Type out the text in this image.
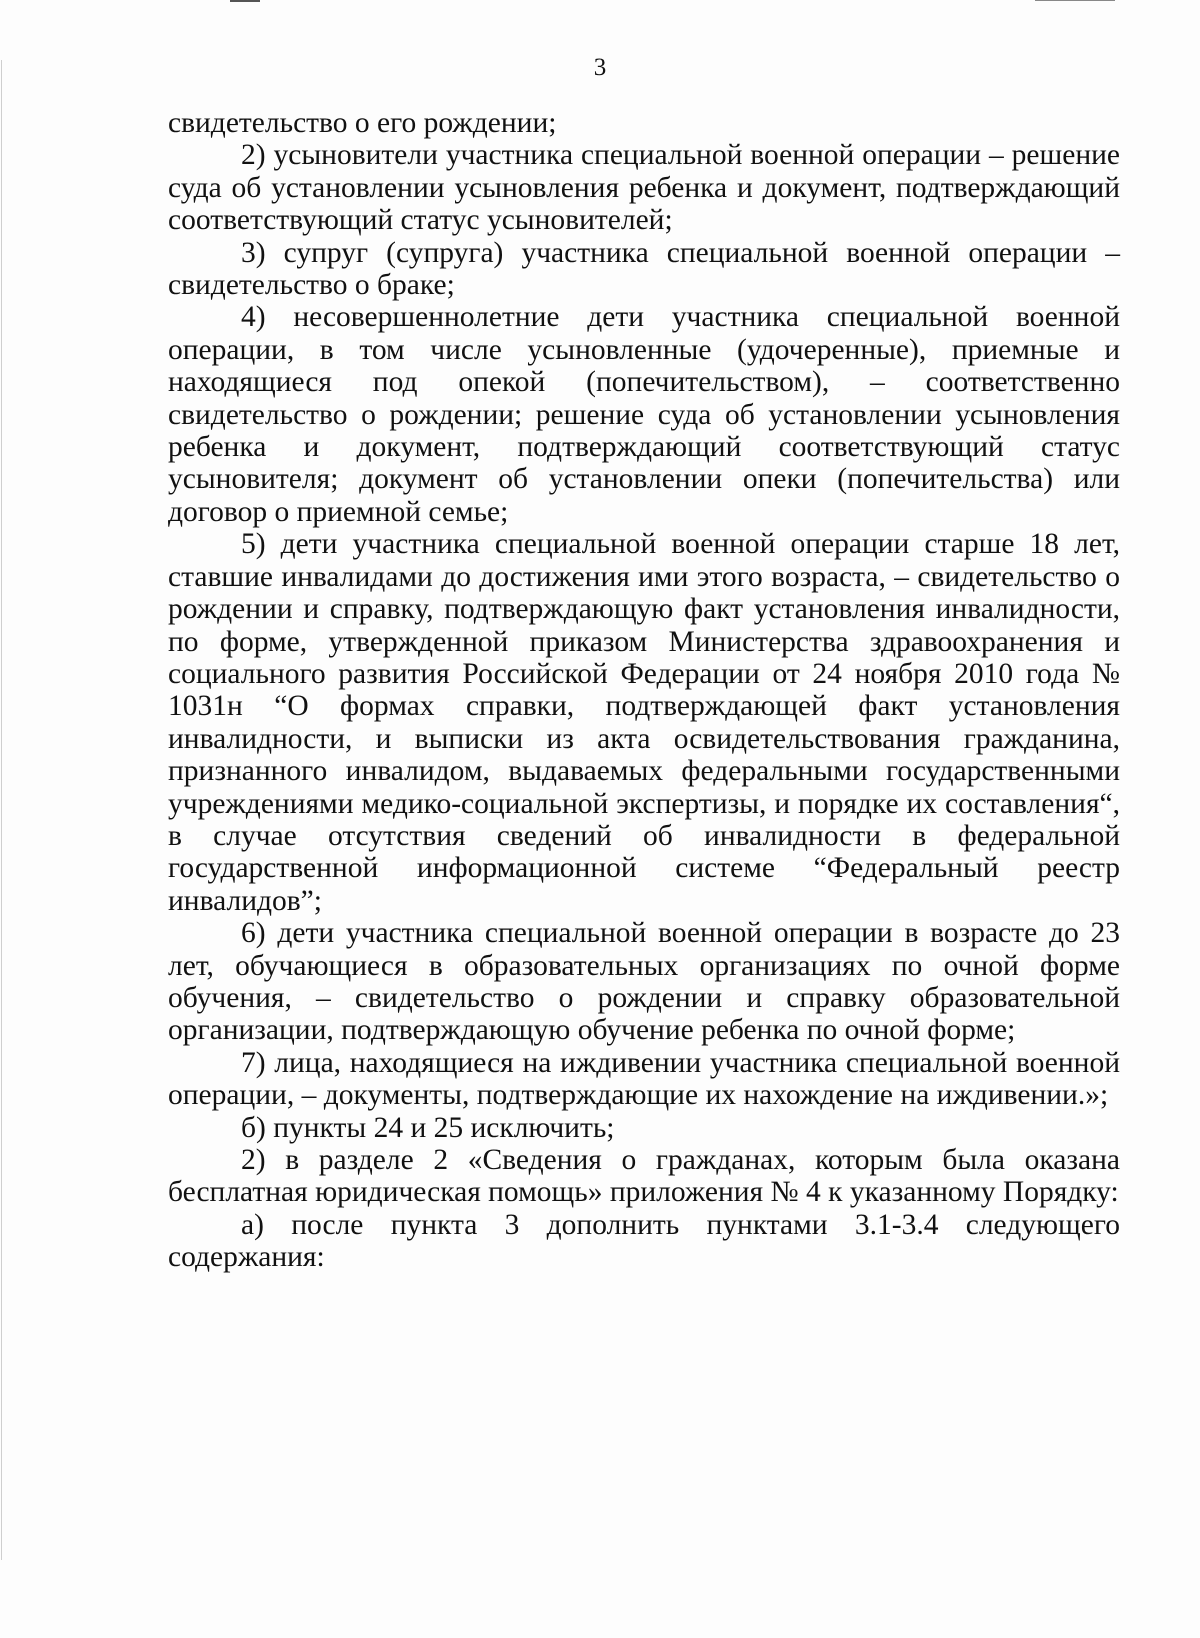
3

свидетельство о его рождении;

2) усыновители участника специальной военной операции – решение суда об установлении усыновления ребенка и документ, подтверждающий соответствующий статус усыновителей;

3) супруг (супруга) участника специальной военной операции – свидетельство о браке;

4) несовершеннолетние дети участника специальной военной операции, в том числе усыновленные (удочеренные), приемные и находящиеся под опекой (попечительством), – соответственно свидетельство о рождении; решение суда об установлении усыновления ребенка и документ, подтверждающий соответствующий статус усыновителя; документ об установлении опеки (попечительства) или договор о приемной семье;

5) дети участника специальной военной операции старше 18 лет, ставшие инвалидами до достижения ими этого возраста, – свидетельство о рождении и справку, подтверждающую факт установления инвалидности, по форме, утвержденной приказом Министерства здравоохранения и социального развития Российской Федерации от 24 ноября 2010 года № 1031н “О формах справки, подтверждающей факт установления инвалидности, и выписки из акта освидетельствования гражданина, признанного инвалидом, выдаваемых федеральными государственными учреждениями медико-социальной экспертизы, и порядке их составления“, в случае отсутствия сведений об инвалидности в федеральной государственной информационной системе “Федеральный реестр инвалидов”;

6) дети участника специальной военной операции в возрасте до 23 лет, обучающиеся в образовательных организациях по очной форме обучения, – свидетельство о рождении и справку образовательной организации, подтверждающую обучение ребенка по очной форме;

7) лица, находящиеся на иждивении участника специальной военной операции, – документы, подтверждающие их нахождение на иждивении.»;

б) пункты 24 и 25 исключить;

2) в разделе 2 «Сведения о гражданах, которым была оказана бесплатная юридическая помощь» приложения № 4 к указанному Порядку:

а) после пункта 3 дополнить пунктами 3.1-3.4 следующего содержания:
